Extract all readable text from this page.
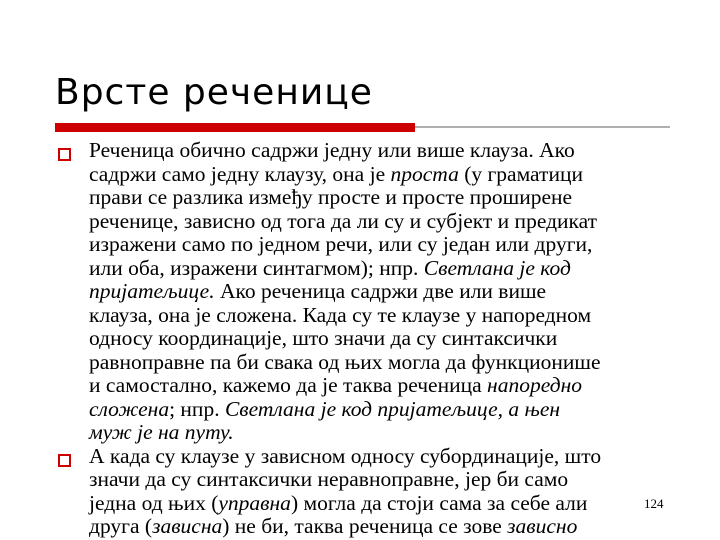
Врсте реченице
Реченица обично садржи једну или више клауза. Ако
садржи само једну клаузу, она је проста (у граматици
прави се разлика између просте и просте проширене
реченице, зависно од тога да ли су и субјект и предикат
изражени само по једном речи, или су један или други,
или оба, изражени синтагмом); нпр. Светлана је код
пријатељице. Ако реченица садржи две или више
клауза, она је сложена. Када су те клаузе у напоредном
односу координације, што значи да су синтаксички
равноправне па би свака од њих могла да функционише
и самостално, кажемо да је таква реченица напоредно
сложена; нпр. Светлана је код пријатељице, а њен
муж је на путу.
А када су клаузе у зависном односу субординације, што
значи да су синтаксички неравноправне, јер би само
једна од њих (управна) могла да стоји сама за себе али
друга (зависна) не би, таква реченица се зове зависно
124
